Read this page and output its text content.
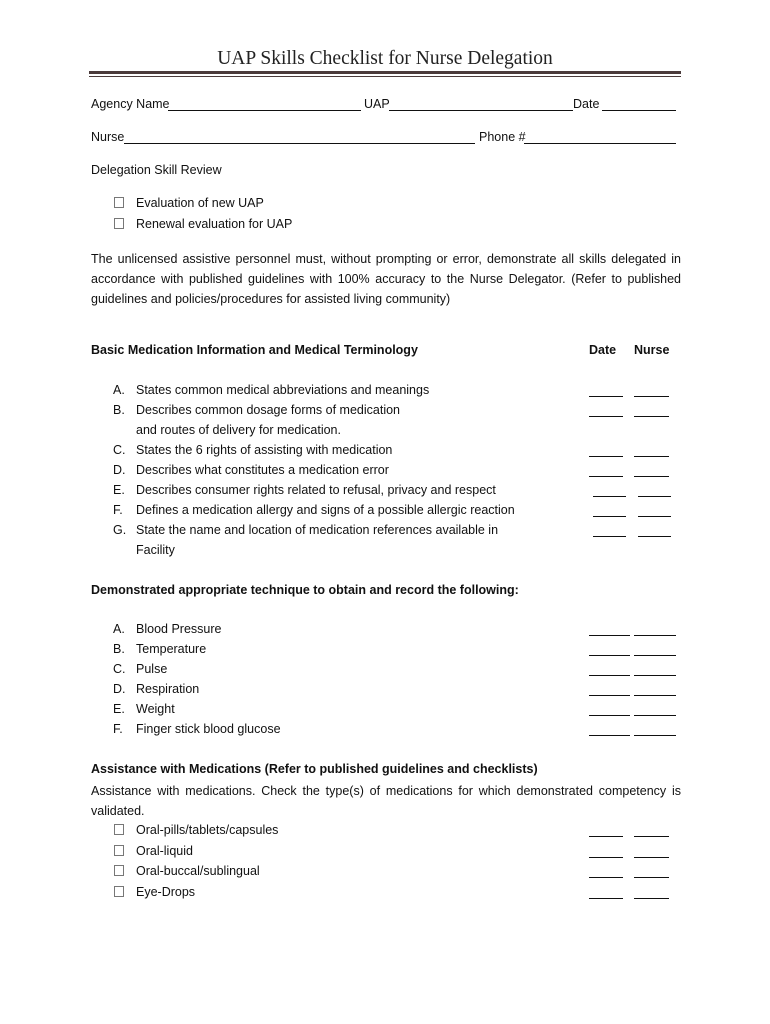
UAP Skills Checklist for Nurse Delegation
Agency Name	UAP	Date
Nurse	Phone #
Delegation Skill Review
Evaluation of new UAP
Renewal evaluation for UAP
The unlicensed assistive personnel must, without prompting or error, demonstrate all skills delegated in accordance with published guidelines with 100% accuracy to the Nurse Delegator. (Refer to published guidelines and policies/procedures for assisted living community)
Basic Medication Information and Medical Terminology	Date Nurse
A. States common medical abbreviations and meanings
B. Describes common dosage forms of medication
and routes of delivery for medication.
C. States the 6 rights of assisting with medication
D. Describes what constitutes a medication error
E. Describes consumer rights related to refusal, privacy and respect
F. Defines a medication allergy and signs of a possible allergic reaction
G. State the name and location of medication references available in
Facility
Demonstrated appropriate technique to obtain and record the following:
A. Blood Pressure
B. Temperature
C. Pulse
D. Respiration
E. Weight
F. Finger stick blood glucose
Assistance with Medications (Refer to published guidelines and checklists)
Assistance with medications. Check the type(s) of medications for which demonstrated competency is validated.
Oral-pills/tablets/capsules
Oral-liquid
Oral-buccal/sublingual
Eye-Drops
